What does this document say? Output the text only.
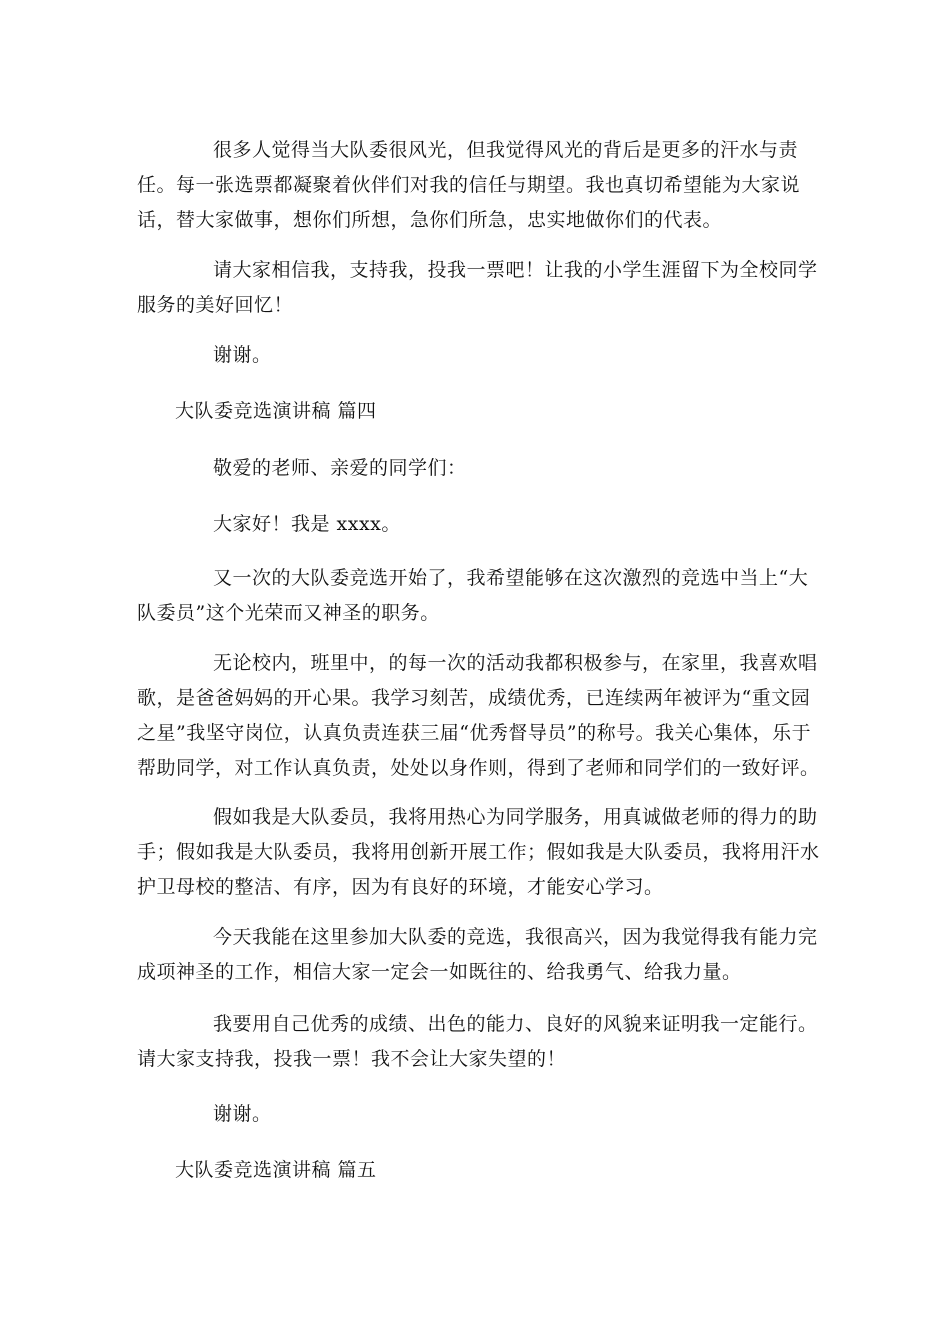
很多人觉得当大队委很风光，但我觉得风光的背后是更多的汗水与责任。每一张选票都凝聚着伙伴们对我的信任与期望。我也真切希望能为大家说话，替大家做事，想你们所想，急你们所急，忠实地做你们的代表。

请大家相信我，支持我，投我一票吧！让我的小学生涯留下为全校同学服务的美好回忆！

谢谢。

大队委竞选演讲稿 篇四

敬爱的老师、亲爱的同学们：

大家好！我是 xxxx。

又一次的大队委竞选开始了，我希望能够在这次激烈的竞选中当上“大队委员”这个光荣而又神圣的职务。

无论校内，班里中，的每一次的活动我都积极参与，在家里，我喜欢唱歌，是爸爸妈妈的开心果。我学习刻苦，成绩优秀，已连续两年被评为“重文园之星”我坚守岗位，认真负责连获三届“优秀督导员”的称号。我关心集体，乐于帮助同学，对工作认真负责，处处以身作则，得到了老师和同学们的一致好评。

假如我是大队委员，我将用热心为同学服务，用真诚做老师的得力的助手；假如我是大队委员，我将用创新开展工作；假如我是大队委员，我将用汗水护卫母校的整洁、有序，因为有良好的环境，才能安心学习。

今天我能在这里参加大队委的竞选，我很高兴，因为我觉得我有能力完成项神圣的工作，相信大家一定会一如既往的、给我勇气、给我力量。

我要用自己优秀的成绩、出色的能力、良好的风貌来证明我一定能行。请大家支持我，投我一票！我不会让大家失望的！

谢谢。

大队委竞选演讲稿 篇五
